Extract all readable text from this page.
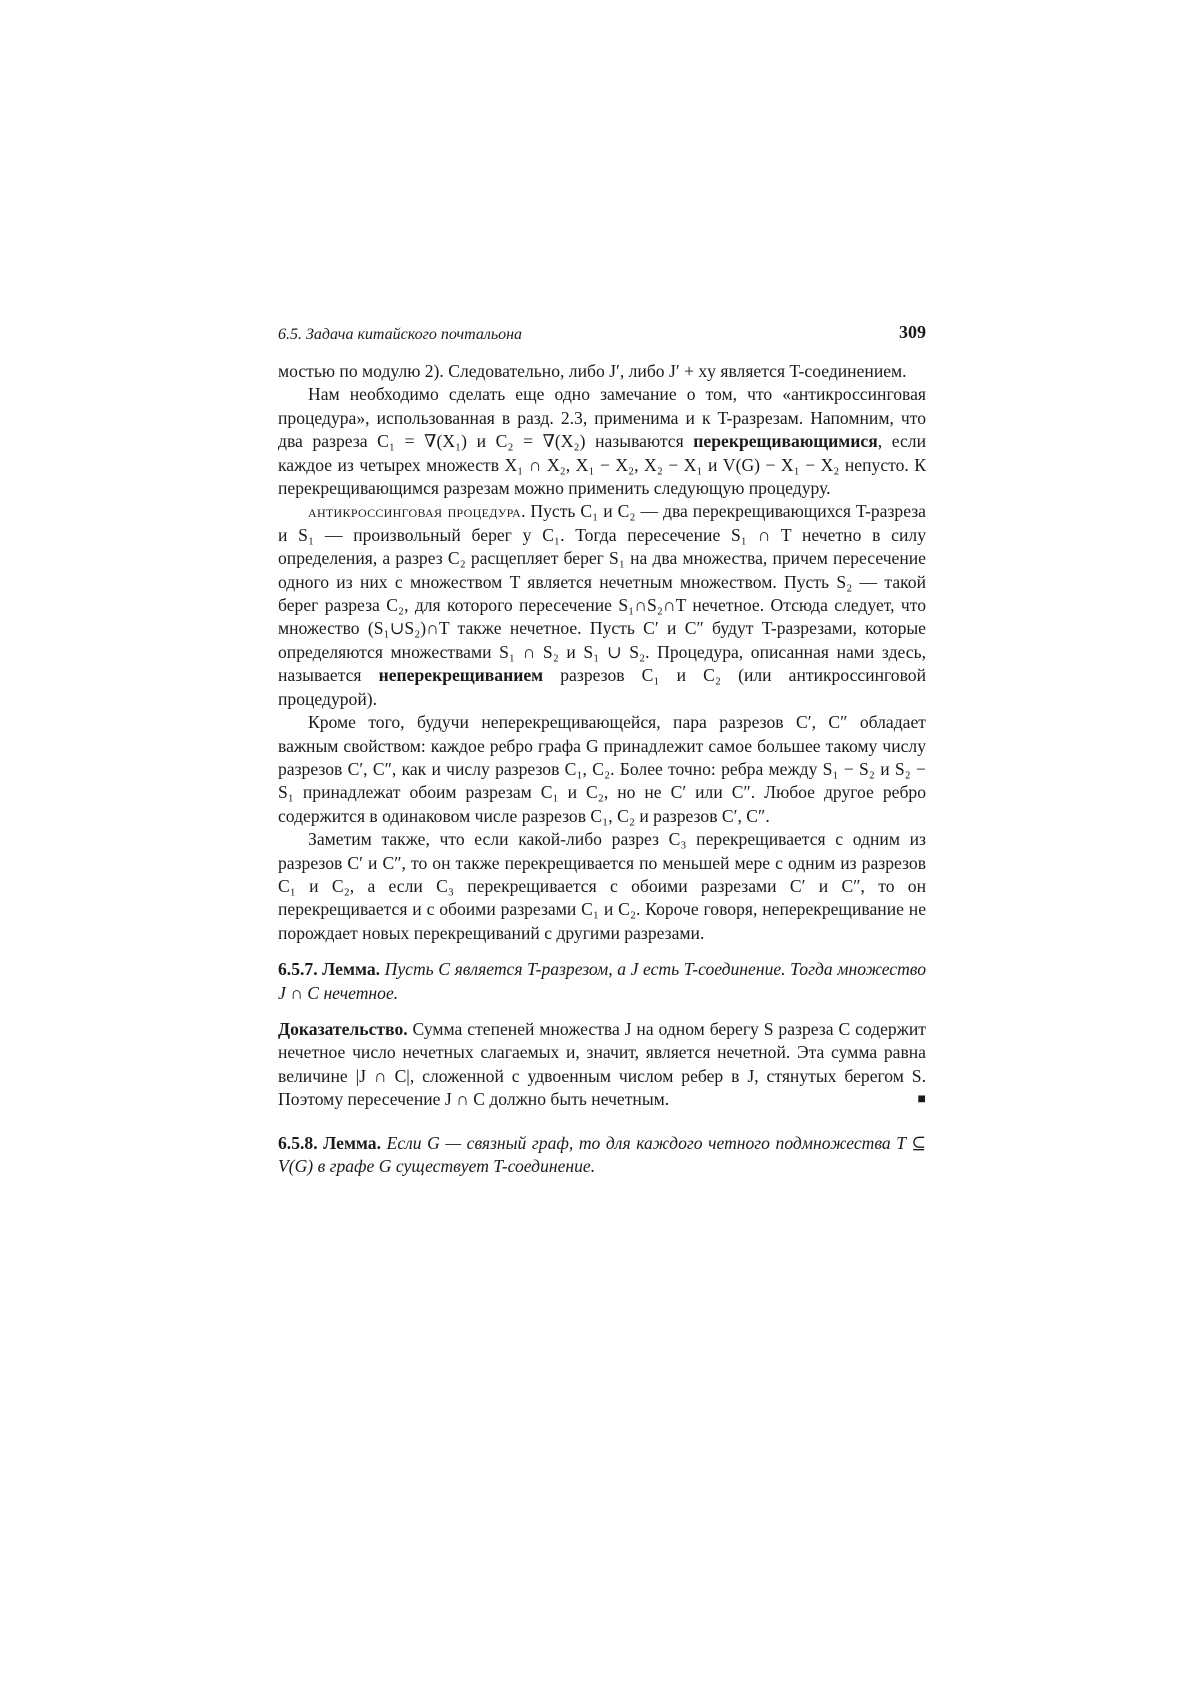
6.5. Задача китайского почтальона	309

мостью по модулю 2). Следовательно, либо J′, либо J′ + xy является T-соединением.

Нам необходимо сделать еще одно замечание о том, что «антикроссинговая процедура», использованная в разд. 2.3, применима и к T-разрезам. Напомним, что два разреза C₁ = ∇(X₁) и C₂ = ∇(X₂) называются перекрещивающимися, если каждое из четырех множеств X₁ ∩ X₂, X₁ − X₂, X₂ − X₁ и V(G) − X₁ − X₂ непусто. К перекрещивающимся разрезам можно применить следующую процедуру.

антикроссинговая процедура. Пусть C₁ и C₂ — два перекрещивающихся T-разреза и S₁ — произвольный берег у C₁. Тогда пересечение S₁ ∩ T нечетно в силу определения, а разрез C₂ расщепляет берег S₁ на два множества, причем пересечение одного из них с множеством T является нечетным множеством. Пусть S₂ — такой берег разреза C₂, для которого пересечение S₁∩S₂∩T нечетное. Отсюда следует, что множество (S₁∪S₂)∩T также нечетное. Пусть C′ и C″ будут T-разрезами, которые определяются множествами S₁ ∩ S₂ и S₁ ∪ S₂. Процедура, описанная нами здесь, называется неперекрещиванием разрезов C₁ и C₂ (или антикроссинговой процедурой).

Кроме того, будучи неперекрещивающейся, пара разрезов C′, C″ обладает важным свойством: каждое ребро графа G принадлежит самое большее такому числу разрезов C′, C″, как и числу разрезов C₁, C₂. Более точно: ребра между S₁ − S₂ и S₂ − S₁ принадлежат обоим разрезам C₁ и C₂, но не C′ или C″. Любое другое ребро содержится в одинаковом числе разрезов C₁, C₂ и разрезов C′, C″.

Заметим также, что если какой-либо разрез C₃ перекрещивается с одним из разрезов C′ и C″, то он также перекрещивается по меньшей мере с одним из разрезов C₁ и C₂, а если C₃ перекрещивается с обоими разрезами C′ и C″, то он перекрещивается и с обоими разрезами C₁ и C₂. Короче говоря, неперекрещивание не порождает новых перекрещиваний с другими разрезами.

6.5.7. Лемма. Пусть C является T-разрезом, а J есть T-соединение. Тогда множество J ∩ C нечетное.

Доказательство. Сумма степеней множества J на одном берегу S разреза C содержит нечетное число нечетных слагаемых и, значит, является нечетной. Эта сумма равна величине |J ∩ C|, сложенной с удвоенным числом ребер в J, стянутых берегом S. Поэтому пересечение J ∩ C должно быть нечетным.	■

6.5.8. Лемма. Если G — связный граф, то для каждого четного подмножества T ⊆ V(G) в графе G существует T-соединение.
